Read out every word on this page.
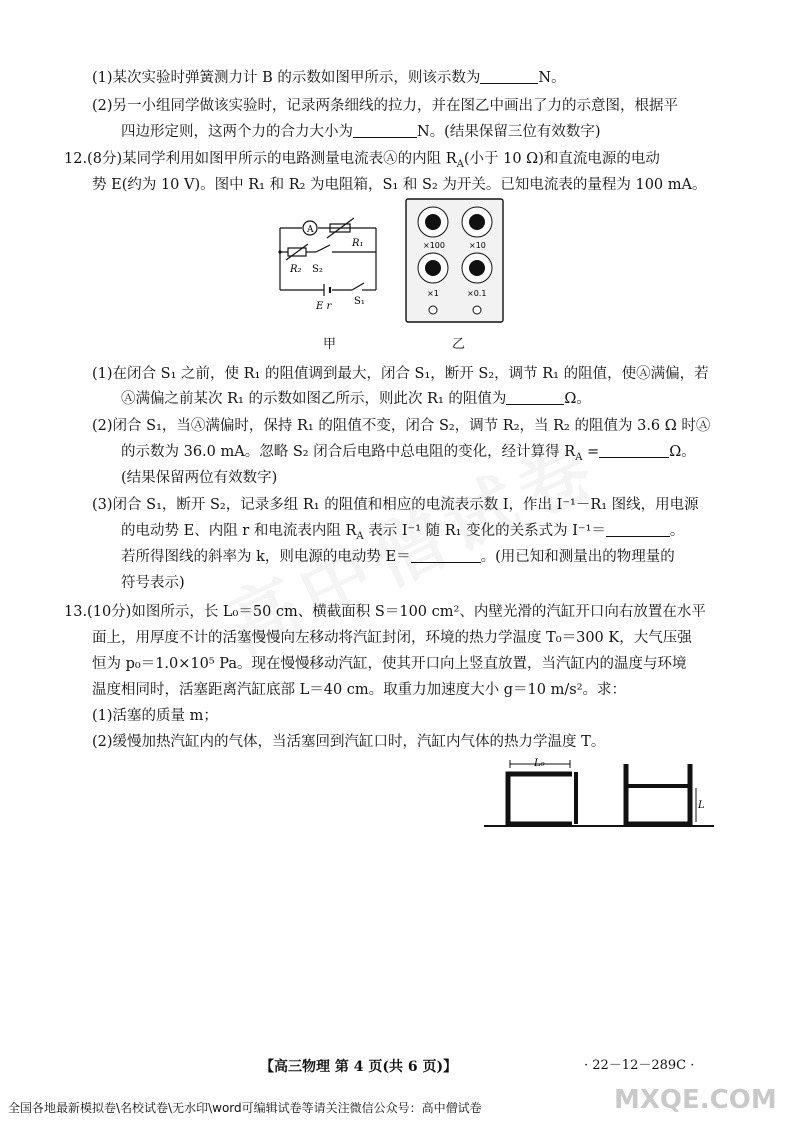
(1)某次实验时弹簧测力计 B 的示数如图甲所示，则该示数为	N。
(2)另一小组同学做该实验时，记录两条细线的拉力，并在图乙中画出了力的示意图，根据平
四边形定则，这两个力的合力大小为	N。(结果保留三位有效数字)
12.(8分)某同学利用如图甲所示的电路测量电流表Ⓐ的内阻 $R_A$(小于 10 Ω)和直流电源的电动
势 E(约为 10 V)。图中 R₁ 和 R₂ 为电阻箱，S₁ 和 S₂ 为开关。已知电流表的量程为 100 mA。
A
R₁
R₂ S₂
E r S₁
×100	×10
×1	×0.1
甲	乙
(1)在闭合 S₁ 之前，使 R₁ 的阻值调到最大，闭合 S₁，断开 S₂，调节 R₁ 的阻值，使Ⓐ满偏，若
Ⓐ满偏之前某次 R₁ 的示数如图乙所示，则此次 R₁ 的阻值为	Ω。
(2)闭合 S₁，当Ⓐ满偏时，保持 R₁ 的阻值不变，闭合 S₂，调节 R₂，当 R₂ 的阻值为 3.6 Ω 时Ⓐ
的示数为 36.0 mA。忽略 S₂ 闭合后电路中总电阻的变化，经计算得 $R_A$ =	Ω。
(结果保留两位有效数字)
(3)闭合 S₁，断开 S₂，记录多组 R₁ 的阻值和相应的电流表示数 I，作出 I⁻¹－R₁ 图线，用电源
的电动势 E、内阻 r 和电流表内阻 $R_A$ 表示 I⁻¹ 随 R₁ 变化的关系式为 I⁻¹＝	。
若所得图线的斜率为 k，则电源的电动势 E＝	。(用已知和测量出的物理量的
符号表示)
13.(10分)如图所示，长 L₀＝50 cm、横截面积 S＝100 cm²、内壁光滑的汽缸开口向右放置在水平
面上，用厚度不计的活塞慢慢向左移动将汽缸封闭，环境的热力学温度 T₀＝300 K，大气压强
恒为 p₀＝1.0×10⁵ Pa。现在慢慢移动汽缸，使其开口向上竖直放置，当汽缸内的温度与环境
温度相同时，活塞距离汽缸底部 L＝40 cm。取重力加速度大小 g＝10 m/s²。求：
(1)活塞的质量 m；
(2)缓慢加热汽缸内的气体，当活塞回到汽缸口时，汽缸内气体的热力学温度 T。
L₀
L
【高三物理 第 4 页(共 6 页)】	· 22－12－289C ·
全国各地最新模拟卷\名校试卷\无水印\word可编辑试卷等请关注微信公众号：高中僧试卷	MXQE.COM
